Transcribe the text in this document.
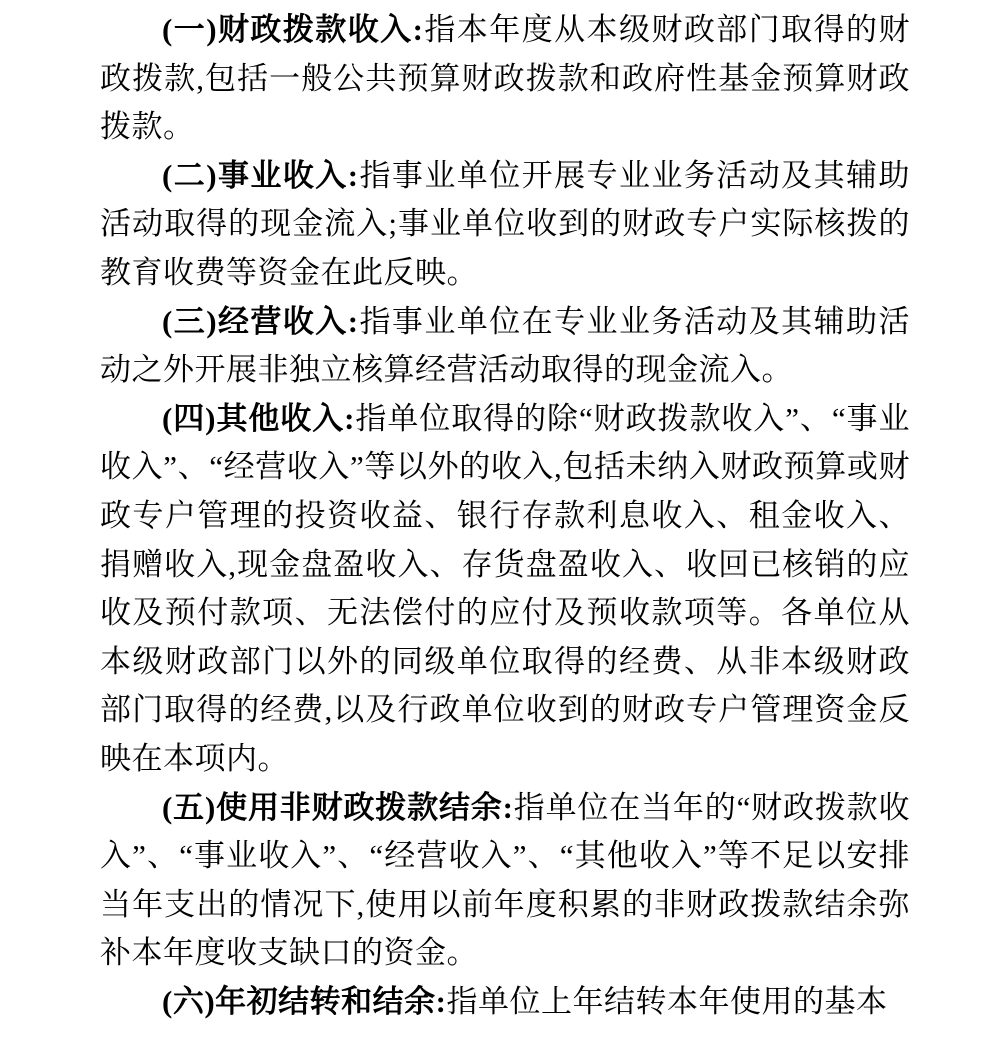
(一)财政拨款收入:指本年度从本级财政部门取得的财政拨款,包括一般公共预算财政拨款和政府性基金预算财政拨款。

(二)事业收入:指事业单位开展专业业务活动及其辅助活动取得的现金流入;事业单位收到的财政专户实际核拨的教育收费等资金在此反映。

(三)经营收入:指事业单位在专业业务活动及其辅助活动之外开展非独立核算经营活动取得的现金流入。

(四)其他收入:指单位取得的除“财政拨款收入”、“事业收入”、“经营收入”等以外的收入,包括未纳入财政预算或财政专户管理的投资收益、银行存款利息收入、租金收入、捐赠收入,现金盘盈收入、存货盘盈收入、收回已核销的应收及预付款项、无法偿付的应付及预收款项等。各单位从本级财政部门以外的同级单位取得的经费、从非本级财政部门取得的经费,以及行政单位收到的财政专户管理资金反映在本项内。

(五)使用非财政拨款结余:指单位在当年的“财政拨款收入”、“事业收入”、“经营收入”、“其他收入”等不足以安排当年支出的情况下,使用以前年度积累的非财政拨款结余弥补本年度收支缺口的资金。

(六)年初结转和结余:指单位上年结转本年使用的基本
